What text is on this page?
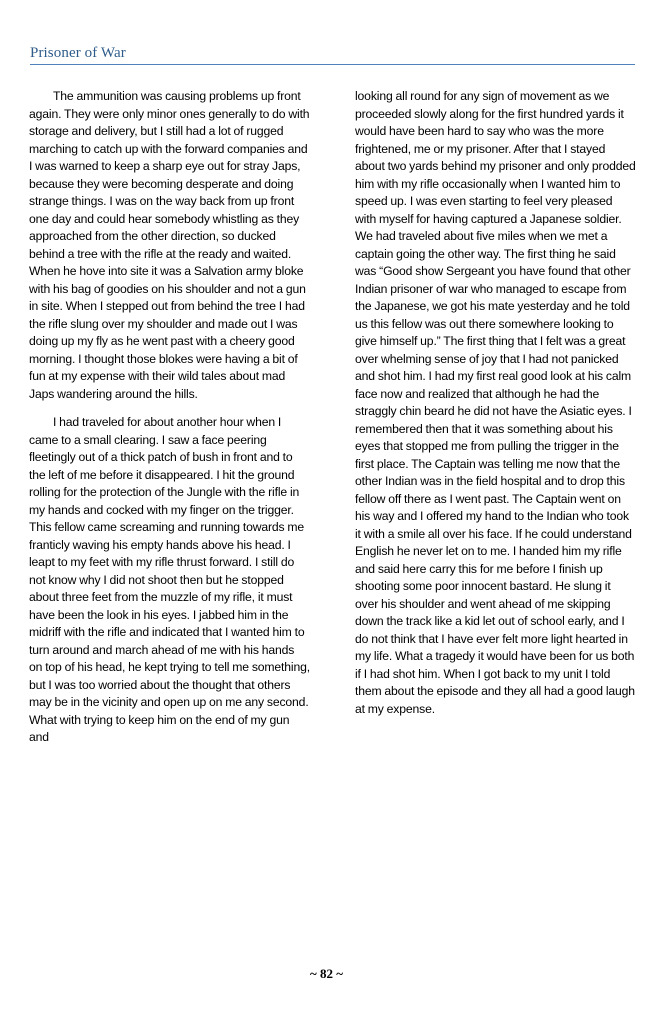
Prisoner of War

The ammunition was causing problems up front again. They were only minor ones generally to do with storage and delivery, but I still had a lot of rugged marching to catch up with the forward companies and I was warned to keep a sharp eye out for stray Japs, because they were becoming desperate and doing strange things. I was on the way back from up front one day and could hear somebody whistling as they approached from the other direction, so ducked behind a tree with the rifle at the ready and waited. When he hove into site it was a Salvation army bloke with his bag of goodies on his shoulder and not a gun in site. When I stepped out from behind the tree I had the rifle slung over my shoulder and made out I was doing up my fly as he went past with a cheery good morning. I thought those blokes were having a bit of fun at my expense with their wild tales about mad Japs wandering around the hills.

I had traveled for about another hour when I came to a small clearing. I saw a face peering fleetingly out of a thick patch of bush in front and to the left of me before it disappeared. I hit the ground rolling for the protection of the Jungle with the rifle in my hands and cocked with my finger on the trigger. This fellow came screaming and running towards me franticly waving his empty hands above his head. I leapt to my feet with my rifle thrust forward. I still do not know why I did not shoot then but he stopped about three feet from the muzzle of my rifle, it must have been the look in his eyes. I jabbed him in the midriff with the rifle and indicated that I wanted him to turn around and march ahead of me with his hands on top of his head, he kept trying to tell me something, but I was too worried about the thought that others may be in the vicinity and open up on me any second. What with trying to keep him on the end of my gun and

looking all round for any sign of movement as we proceeded slowly along for the first hundred yards it would have been hard to say who was the more frightened, me or my prisoner. After that I stayed about two yards behind my prisoner and only prodded him with my rifle occasionally when I wanted him to speed up. I was even starting to feel very pleased with myself for having captured a Japanese soldier. We had traveled about five miles when we met a captain going the other way. The first thing he said was “Good show Sergeant you have found that other Indian prisoner of war who managed to escape from the Japanese, we got his mate yesterday and he told us this fellow was out there somewhere looking to give himself up.” The first thing that I felt was a great over whelming sense of joy that I had not panicked and shot him. I had my first real good look at his calm face now and realized that although he had the straggly chin beard he did not have the Asiatic eyes. I remembered then that it was something about his eyes that stopped me from pulling the trigger in the first place. The Captain was telling me now that the other Indian was in the field hospital and to drop this fellow off there as I went past. The Captain went on his way and I offered my hand to the Indian who took it with a smile all over his face. If he could understand English he never let on to me. I handed him my rifle and said here carry this for me before I finish up shooting some poor innocent bastard. He slung it over his shoulder and went ahead of me skipping down the track like a kid let out of school early, and I do not think that I have ever felt more light hearted in my life. What a tragedy it would have been for us both if I had shot him. When I got back to my unit I told them about the episode and they all had a good laugh at my expense.

~ 82 ~
